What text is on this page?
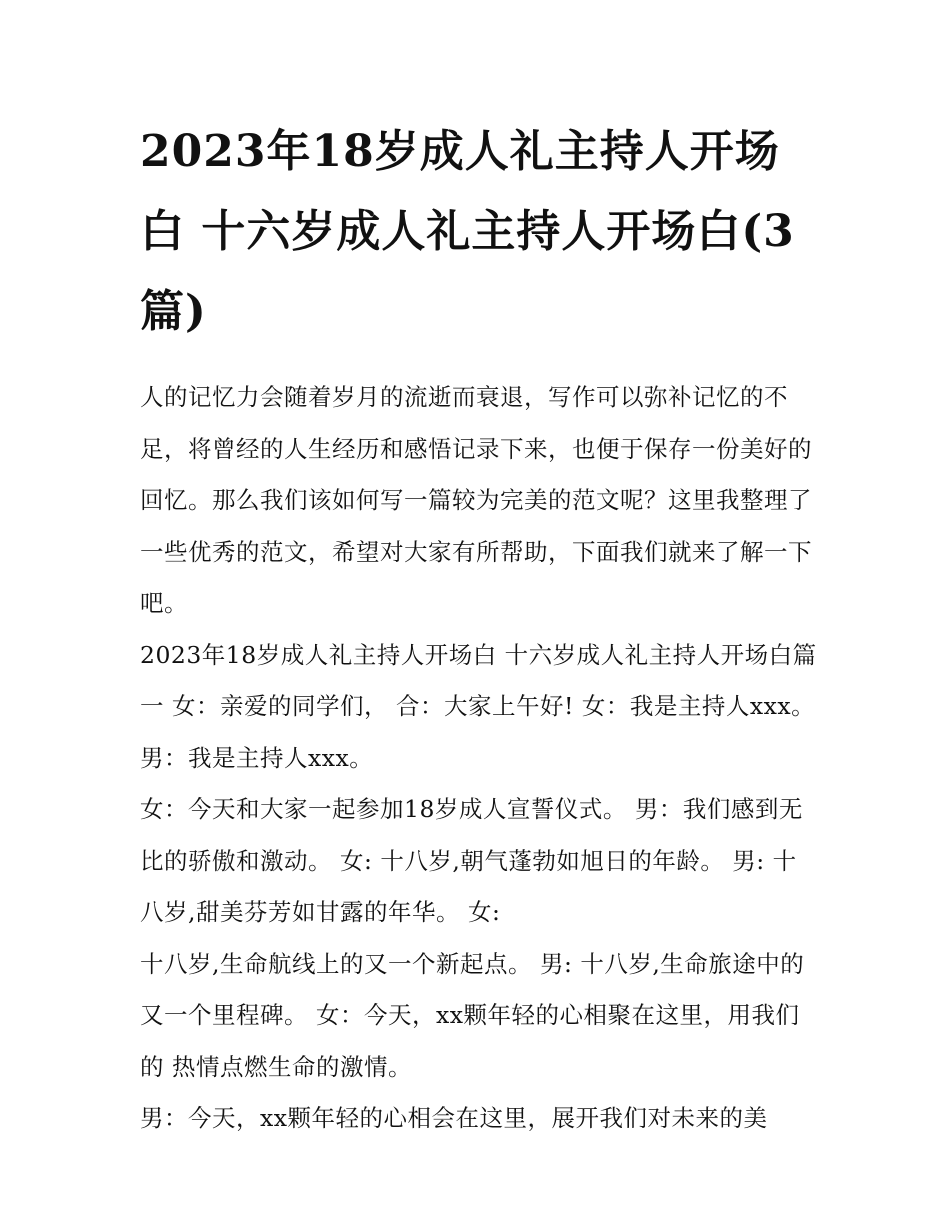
2023年18岁成人礼主持人开场白 十六岁成人礼主持人开场白(3篇)

人的记忆力会随着岁月的流逝而衰退，写作可以弥补记忆的不足，将曾经的人生经历和感悟记录下来，也便于保存一份美好的回忆。那么我们该如何写一篇较为完美的范文呢？这里我整理了一些优秀的范文，希望对大家有所帮助，下面我们就来了解一下吧。

2023年18岁成人礼主持人开场白 十六岁成人礼主持人开场白篇一 女：亲爱的同学们， 合：大家上午好! 女：我是主持人xxx。 男：我是主持人xxx。

女：今天和大家一起参加18岁成人宣誓仪式。 男：我们感到无比的骄傲和激动。 女: 十八岁,朝气蓬勃如旭日的年龄。 男: 十八岁,甜美芬芳如甘露的年华。 女:

十八岁,生命航线上的又一个新起点。 男: 十八岁,生命旅途中的又一个里程碑。 女：今天，xx颗年轻的心相聚在这里，用我们的 热情点燃生命的激情。

男：今天，xx颗年轻的心相会在这里，展开我们对未来的美
